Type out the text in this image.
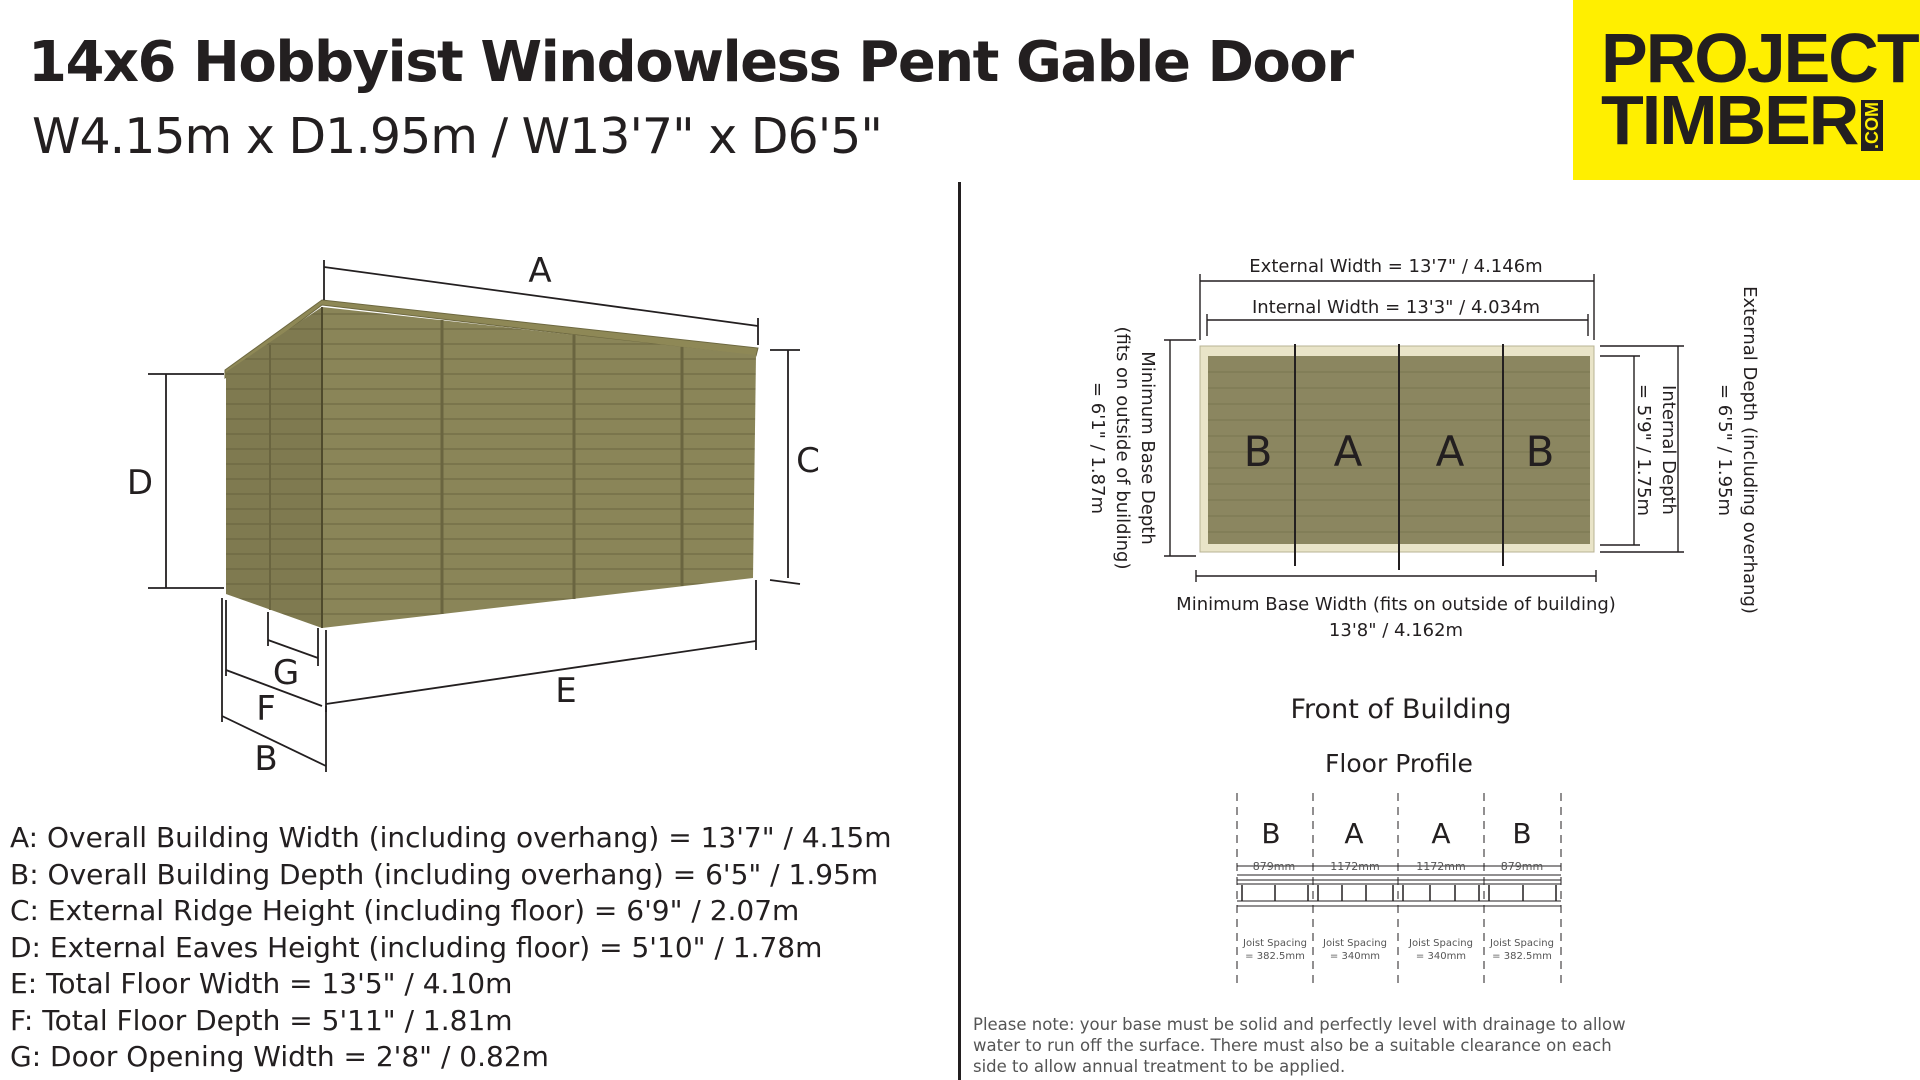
14x6 Hobbyist Windowless Pent Gable Door
W4.15m x D1.95m / W13'7" x D6'5"
PROJECT
TIMBER .COM
A
C
D
E
F
G
B
A: Overall Building Width (including overhang) = 13'7" / 4.15m
B: Overall Building Depth (including overhang) = 6'5" / 1.95m
C: External Ridge Height (including floor) = 6'9" / 2.07m
D: External Eaves Height (including floor) = 5'10" / 1.78m
E: Total Floor Width = 13'5" / 4.10m
F: Total Floor Depth = 5'11" / 1.81m
G: Door Opening Width = 2'8" / 0.82m
External Width = 13'7" / 4.146m
Internal Width = 13'3" / 4.034m
Minimum Base Width (fits on outside of building)
13'8" / 4.162m
Minimum Base Depth
(fits on outside of building)
= 6'1" / 1.87m	Internal Depth
= 5'9" / 1.75m	External Depth (including overhang)
= 6'5" / 1.95m
B A A B
Front of Building
Floor Profile
B A A B
879mm	1172mm	1172mm	879mm
Joist Spacing
= 382.5mm
Joist Spacing
= 340mm
Joist Spacing
= 340mm
Joist Spacing
= 382.5mm
Please note: your base must be solid and perfectly level with drainage to allow water to run off the surface. There must also be a suitable clearance on each side to allow annual treatment to be applied.
